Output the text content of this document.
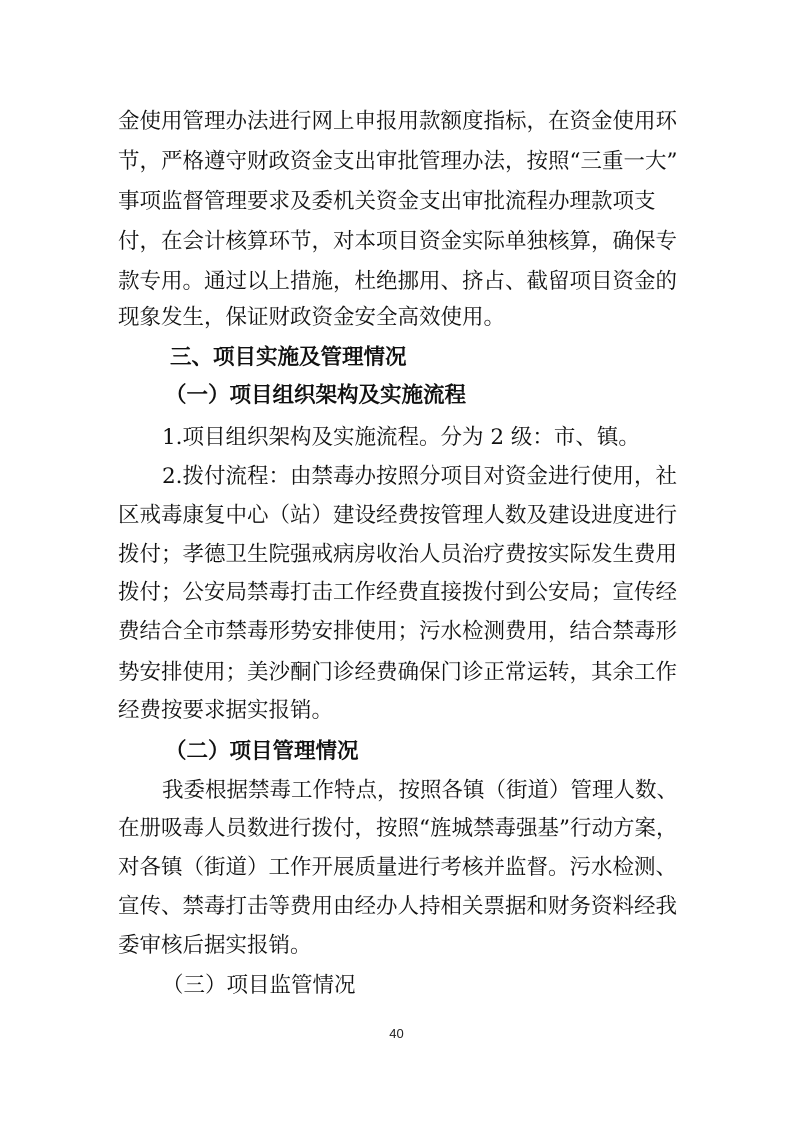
金使用管理办法进行网上申报用款额度指标，在资金使用环
节，严格遵守财政资金支出审批管理办法，按照“三重一大”
事项监督管理要求及委机关资金支出审批流程办理款项支
付，在会计核算环节，对本项目资金实际单独核算，确保专
款专用。通过以上措施，杜绝挪用、挤占、截留项目资金的
现象发生，保证财政资金安全高效使用。
三、项目实施及管理情况
（一）项目组织架构及实施流程
1.项目组织架构及实施流程。分为 2 级：市、镇。
2.拨付流程：由禁毒办按照分项目对资金进行使用，社
区戒毒康复中心（站）建设经费按管理人数及建设进度进行
拨付；孝德卫生院强戒病房收治人员治疗费按实际发生费用
拨付；公安局禁毒打击工作经费直接拨付到公安局；宣传经
费结合全市禁毒形势安排使用；污水检测费用，结合禁毒形
势安排使用；美沙酮门诊经费确保门诊正常运转，其余工作
经费按要求据实报销。
（二）项目管理情况
我委根据禁毒工作特点，按照各镇（街道）管理人数、
在册吸毒人员数进行拨付，按照“旌城禁毒强基”行动方案，
对各镇（街道）工作开展质量进行考核并监督。污水检测、
宣传、禁毒打击等费用由经办人持相关票据和财务资料经我
委审核后据实报销。
（三）项目监管情况
40
